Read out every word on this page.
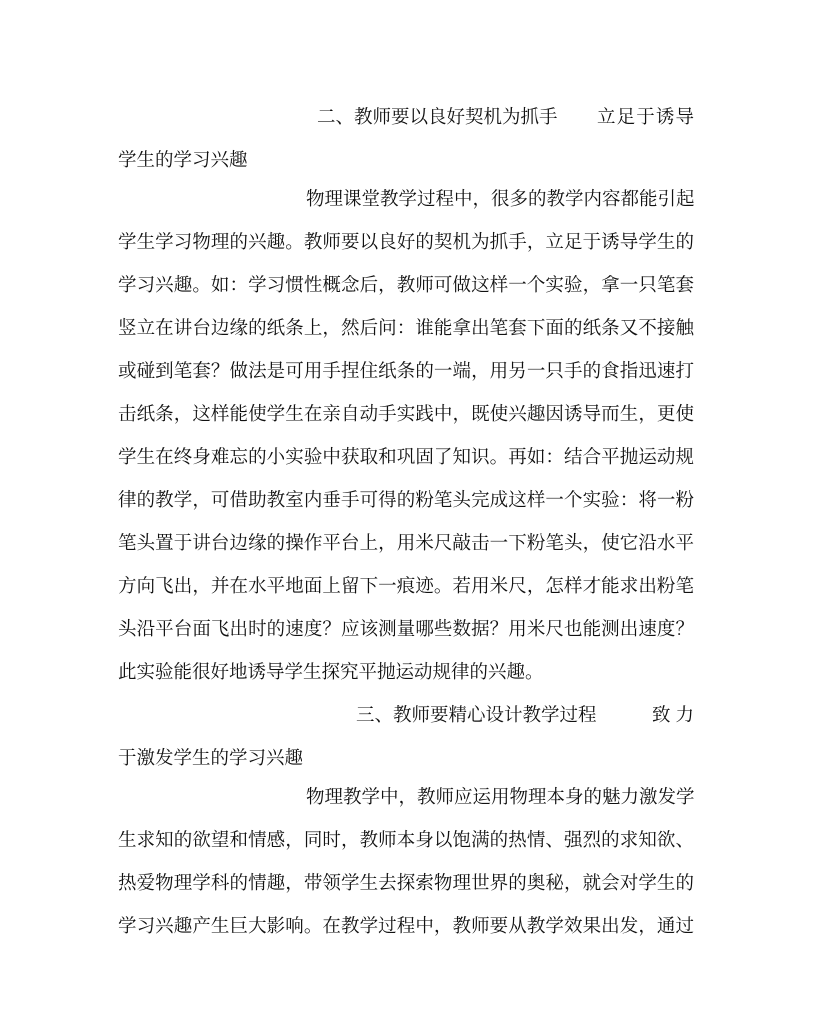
二、教师要以良好契机为抓手 立足于诱导
学生的学习兴趣
物理课堂教学过程中，很多的教学内容都能引起
学生学习物理的兴趣。教师要以良好的契机为抓手，立足于诱导学生的
学习兴趣。如：学习惯性概念后，教师可做这样一个实验，拿一只笔套
竖立在讲台边缘的纸条上，然后问：谁能拿出笔套下面的纸条又不接触
或碰到笔套？做法是可用手捏住纸条的一端，用另一只手的食指迅速打
击纸条，这样能使学生在亲自动手实践中，既使兴趣因诱导而生，更使
学生在终身难忘的小实验中获取和巩固了知识。再如：结合平抛运动规
律的教学，可借助教室内垂手可得的粉笔头完成这样一个实验：将一粉
笔头置于讲台边缘的操作平台上，用米尺敲击一下粉笔头，使它沿水平
方向飞出，并在水平地面上留下一痕迹。若用米尺，怎样才能求出粉笔
头沿平台面飞出时的速度？应该测量哪些数据？用米尺也能测出速度？
此实验能很好地诱导学生探究平抛运动规律的兴趣。
三、教师要精心设计教学过程	致力
于激发学生的学习兴趣
物理教学中，教师应运用物理本身的魅力激发学
生求知的欲望和情感，同时，教师本身以饱满的热情、强烈的求知欲、
热爱物理学科的情趣，带领学生去探索物理世界的奥秘，就会对学生的
学习兴趣产生巨大影响。在教学过程中，教师要从教学效果出发，通过
